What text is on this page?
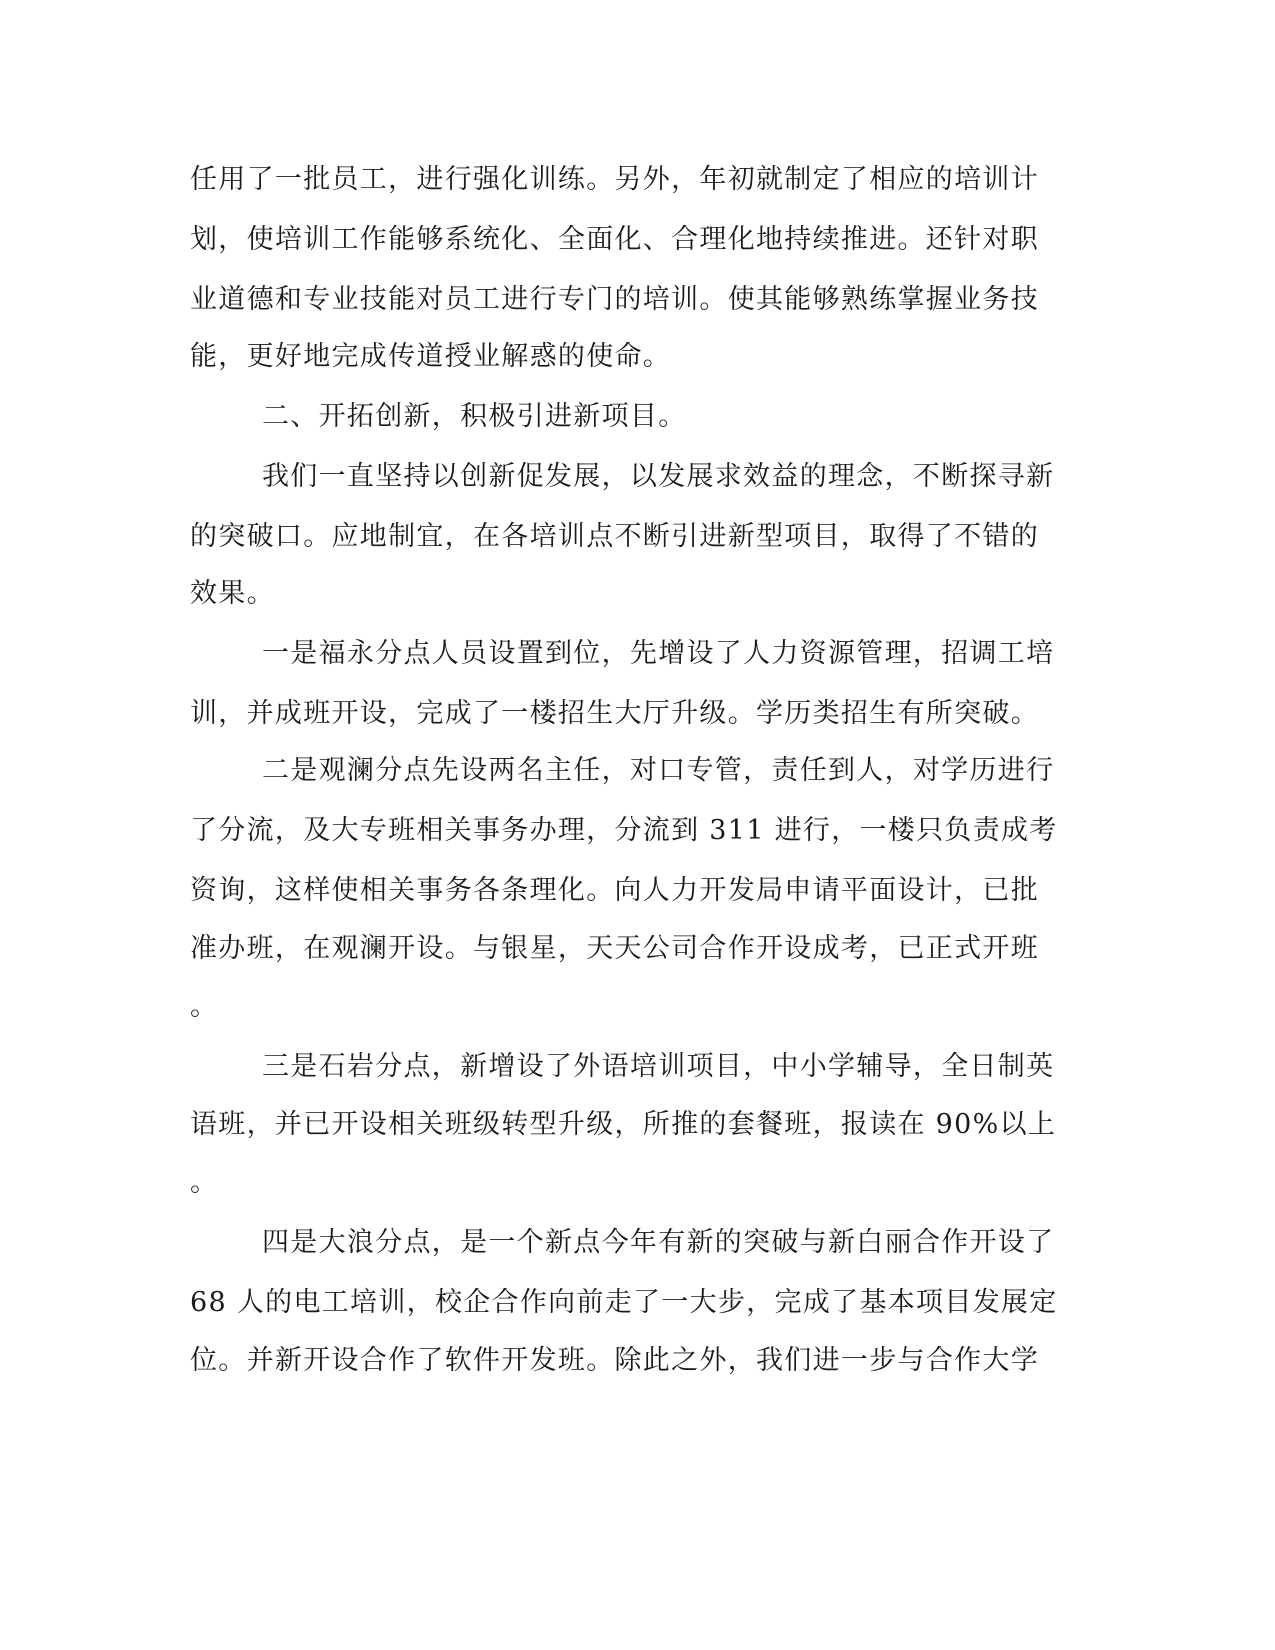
任用了一批员工，进行强化训练。另外，年初就制定了相应的培训计

划，使培训工作能够系统化、全面化、合理化地持续推进。还针对职

业道德和专业技能对员工进行专门的培训。使其能够熟练掌握业务技

能，更好地完成传道授业解惑的使命。

二、开拓创新，积极引进新项目。

我们一直坚持以创新促发展，以发展求效益的理念，不断探寻新

的突破口。应地制宜，在各培训点不断引进新型项目，取得了不错的

效果。

一是福永分点人员设置到位，先增设了人力资源管理，招调工培

训，并成班开设，完成了一楼招生大厅升级。学历类招生有所突破。

二是观澜分点先设两名主任，对口专管，责任到人，对学历进行

了分流，及大专班相关事务办理，分流到 311 进行，一楼只负责成考

资询，这样使相关事务各条理化。向人力开发局申请平面设计，已批

准办班，在观澜开设。与银星，天天公司合作开设成考，已正式开班

。

三是石岩分点，新增设了外语培训项目，中小学辅导，全日制英

语班，并已开设相关班级转型升级，所推的套餐班，报读在 90%以上

。

四是大浪分点，是一个新点今年有新的突破与新白丽合作开设了

68 人的电工培训，校企合作向前走了一大步，完成了基本项目发展定

位。并新开设合作了软件开发班。除此之外，我们进一步与合作大学
